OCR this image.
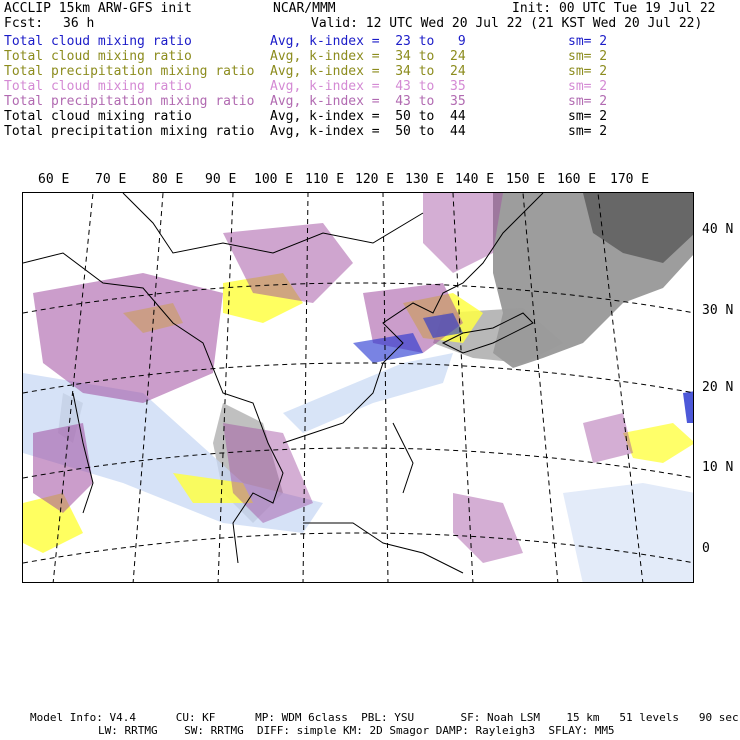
ACCLIP 15km ARW-GFS init	NCAR/MMM	Init: 00 UTC Tue 19 Jul 22
Fcst: 36 h	Valid: 12 UTC Wed 20 Jul 22 (21 KST Wed 20 Jul 22)
Total cloud mixing ratio	Avg, k-index =  23 to   9	sm= 2
Total cloud mixing ratio	Avg, k-index =  34 to  24	sm= 2
Total precipitation mixing ratio Avg, k-index =  34 to  24	sm= 2
Total cloud mixing ratio	Avg, k-index =  43 to  35	sm= 2
Total precipitation mixing ratio Avg, k-index =  43 to  35	sm= 2
Total cloud mixing ratio	Avg, k-index =  50 to  44	sm= 2
Total precipitation mixing ratio Avg, k-index =  50 to  44	sm= 2
60 E 70 E 80 E 90 E 100 E 110 E 120 E 130 E 140 E 150 E 160 E 170 E
40 N
30 N
20 N
10 N
0
Model Info: V4.4      CU: KF      MP: WDM 6class  PBL: YSU       SF: Noah LSM    15 km   51 levels   90 sec
LW: RRTMG    SW: RRTMG  DIFF: simple KM: 2D Smagor DAMP: Rayleigh3  SFLAY: MM5
